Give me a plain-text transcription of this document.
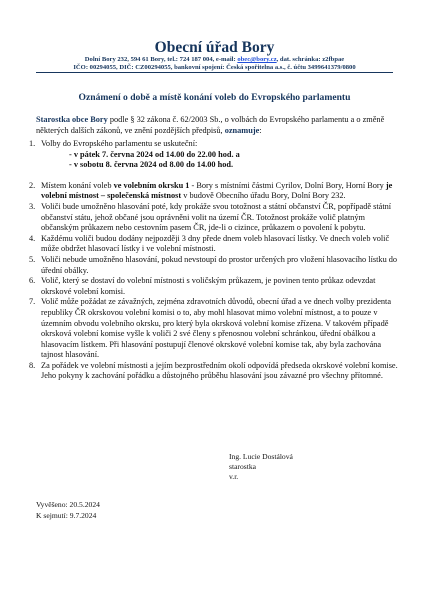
Obecní úřad Bory
Dolní Bory 232, 594 61 Bory, tel.: 724 187 004, e-mail: obec@bory.cz, dat. schránka: z2fbpae
IČO: 00294055, DIČ: CZ00294055, bankovní spojení: Česká spořitelna a.s., č. účtu 3499641379/0800
Oznámení o době a místě konání voleb do Evropského parlamentu
Starostka obce Bory podle § 32 zákona č. 62/2003 Sb., o volbách do Evropského parlamentu a o změně některých dalších zákonů, ve znění pozdějších předpisů, oznamuje:
1. Volby do Evropského parlamentu se uskuteční:
- v pátek 7. června 2024 od 14.00 do 22.00 hod. a
- v sobotu 8. června 2024 od 8.00 do 14.00 hod.
2. Místem konání voleb ve volebním okrsku 1 - Bory s místními částmi Cyrilov, Dolní Bory, Horní Bory je volební místnost – společenská místnost v budově Obecního úřadu Bory, Dolní Bory 232.
3. Voliči bude umožněno hlasování poté, kdy prokáže svou totožnost a státní občanství ČR, popřípadě státní občanství státu, jehož občané jsou oprávněni volit na území ČR. Totožnost prokáže volič platným občanským průkazem nebo cestovním pasem ČR, jde-li o cizince, průkazem o povolení k pobytu.
4. Každému voliči budou dodány nejpozději 3 dny přede dnem voleb hlasovací lístky. Ve dnech voleb volič může obdržet hlasovací lístky i ve volební místnosti.
5. Voliči nebude umožněno hlasování, pokud nevstoupí do prostor určených pro vložení hlasovacího lístku do úřední obálky.
6. Volič, který se dostaví do volební místnosti s voličským průkazem, je povinen tento průkaz odevzdat okrskové volební komisi.
7. Volič může požádat ze závažných, zejména zdravotních důvodů, obecní úřad a ve dnech volby prezidenta republiky ČR okrskovou volební komisi o to, aby mohl hlasovat mimo volební místnost, a to pouze v územním obvodu volebního okrsku, pro který byla okrsková volební komise zřízena. V takovém případě okrsková volební komise vyšle k voliči 2 své členy s přenosnou volební schránkou, úřední obálkou a hlasovacím lístkem. Při hlasování postupují členové okrskové volební komise tak, aby byla zachována tajnost hlasování.
8. Za pořádek ve volební místnosti a jejím bezprostředním okolí odpovídá předseda okrskové volební komise. Jeho pokyny k zachování pořádku a důstojného průběhu hlasování jsou závazné pro všechny přítomné.
Ing. Lucie Dostálová
starostka
v.r.
Vyvěšeno: 20.5.2024
K sejmutí: 9.7.2024
